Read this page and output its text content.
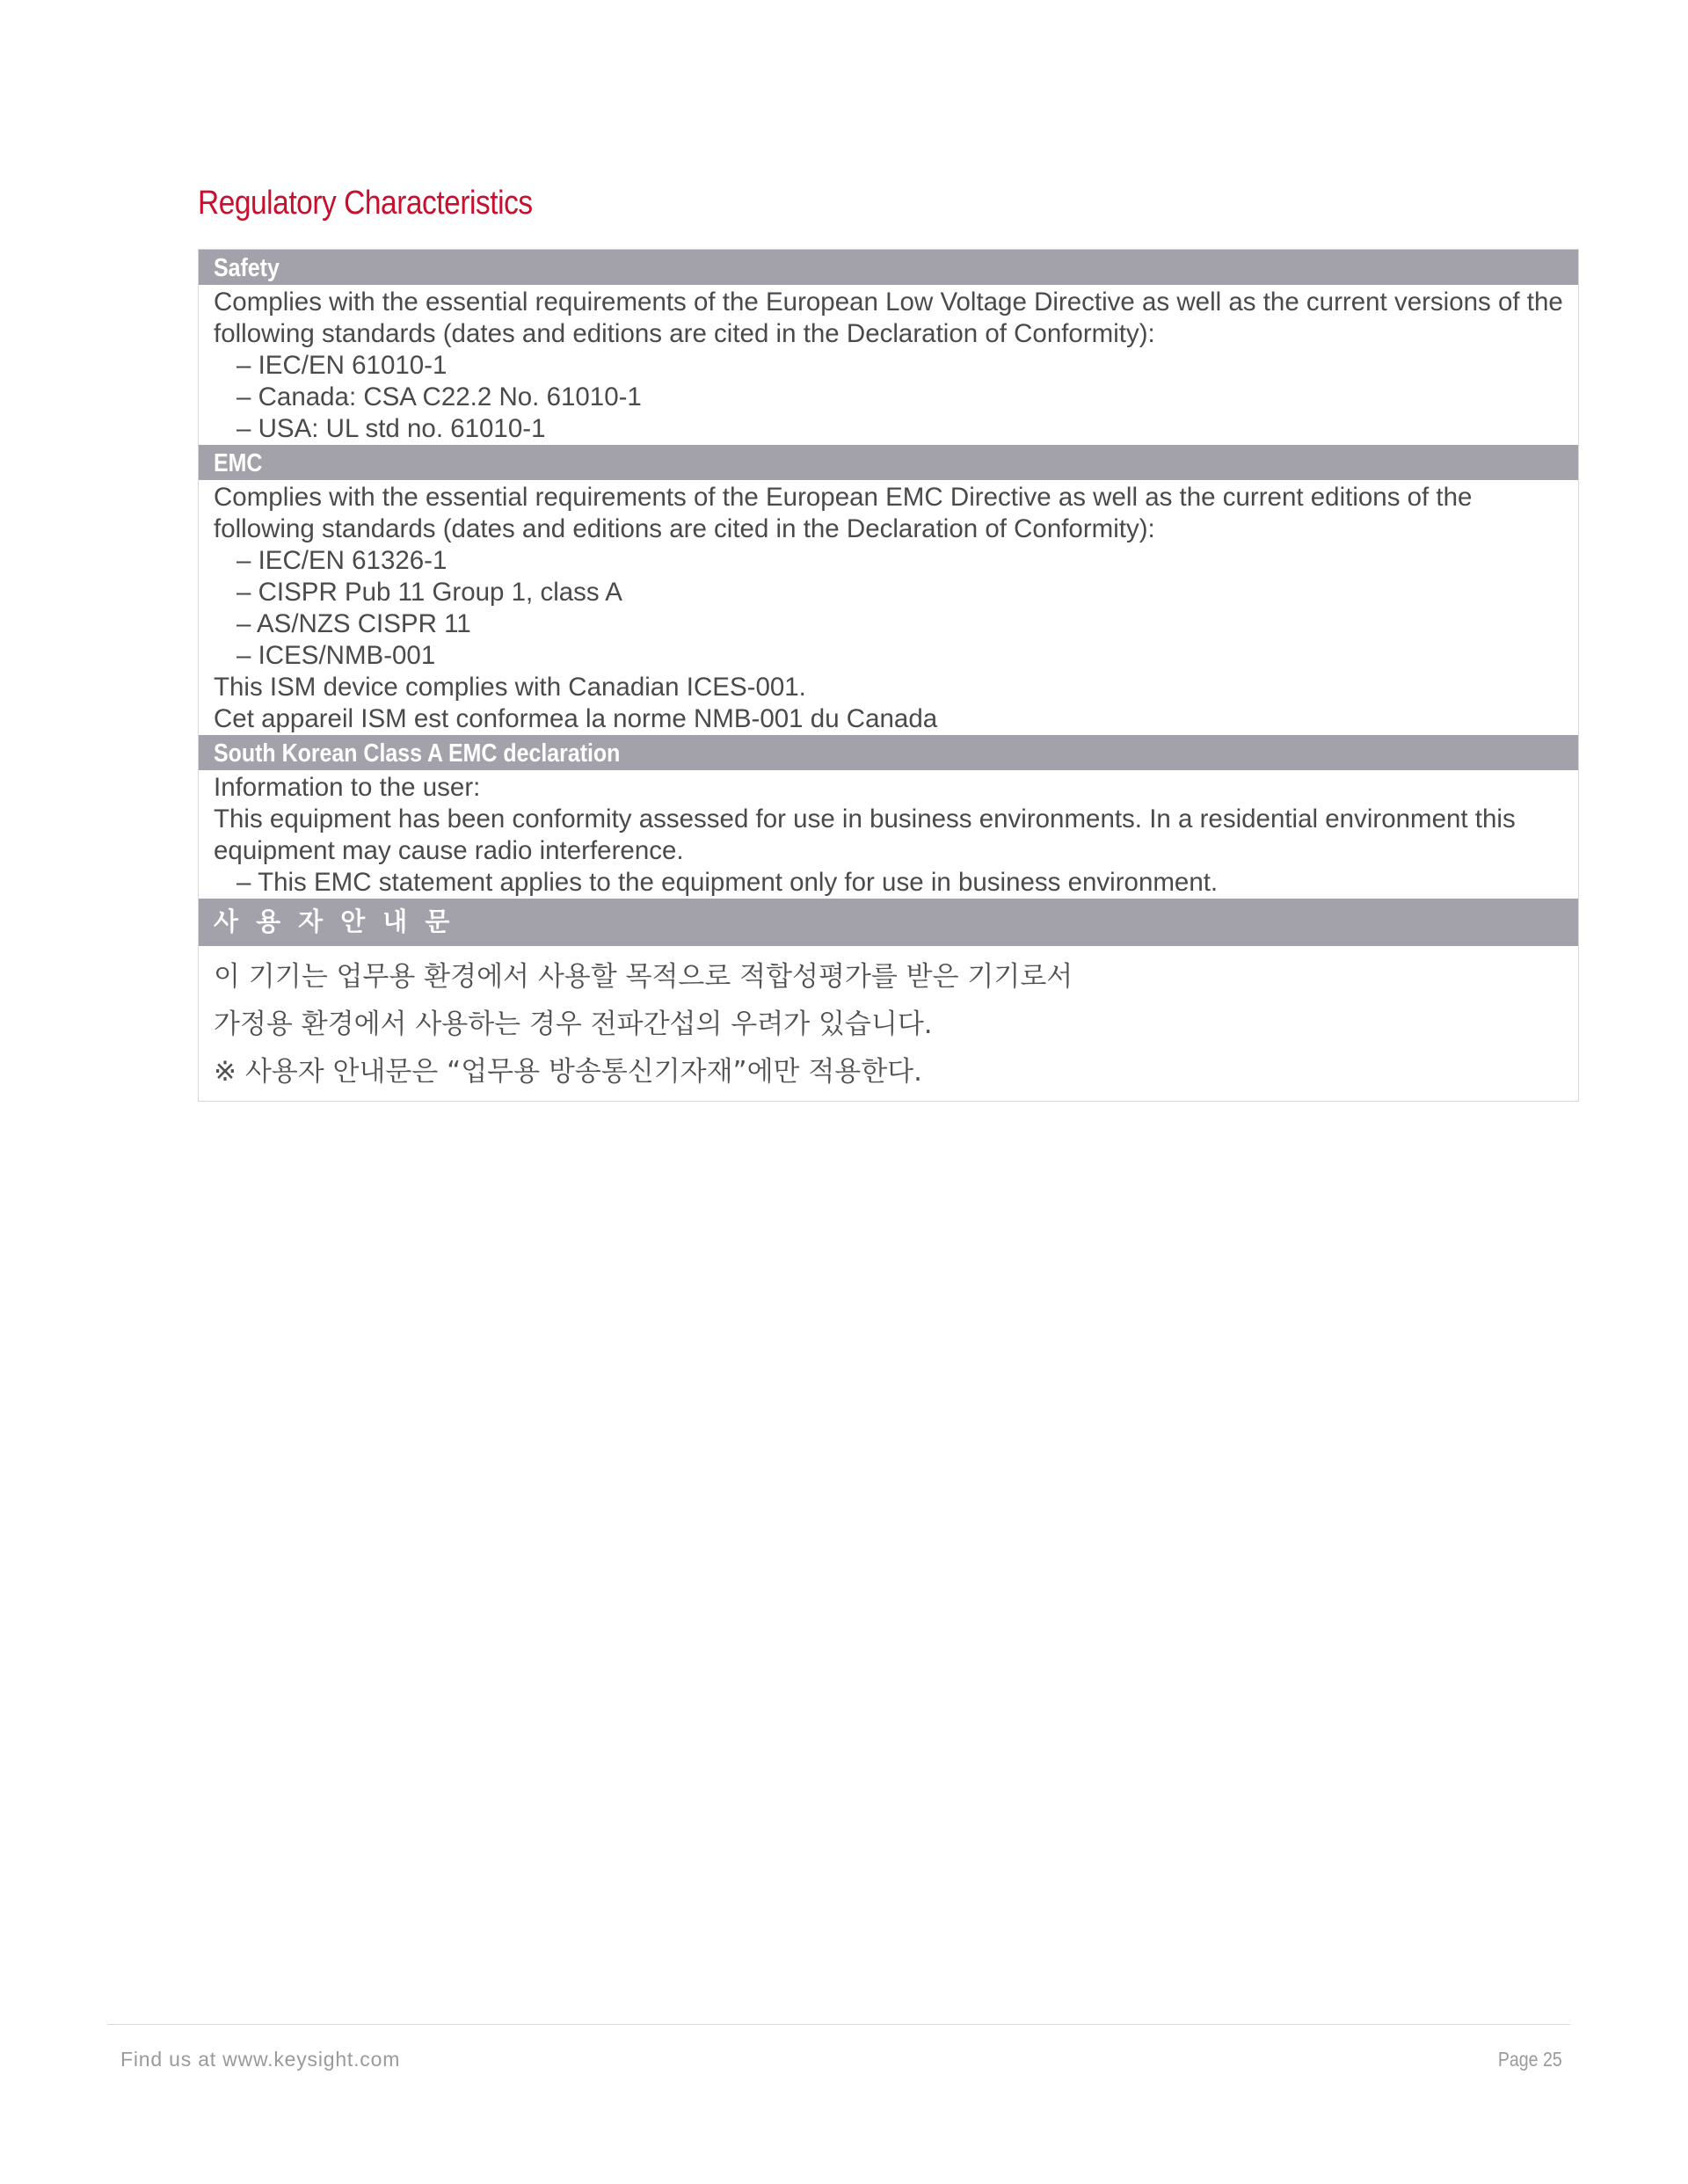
Regulatory Characteristics
Safety
Complies with the essential requirements of the European Low Voltage Directive as well as the current versions of the following standards (dates and editions are cited in the Declaration of Conformity):
– IEC/EN 61010-1
– Canada: CSA C22.2 No. 61010-1
– USA: UL std no. 61010-1
EMC
Complies with the essential requirements of the European EMC Directive as well as the current editions of the following standards (dates and editions are cited in the Declaration of Conformity):
– IEC/EN 61326-1
– CISPR Pub 11 Group 1, class A
– AS/NZS CISPR 11
– ICES/NMB-001
This ISM device complies with Canadian ICES-001.
Cet appareil ISM est conformea la norme NMB-001 du Canada
South Korean Class A EMC declaration
Information to the user:
This equipment has been conformity assessed for use in business environments. In a residential environment this equipment may cause radio interference.
– This EMC statement applies to the equipment only for use in business environment.
사 용 자 안 내 문
이 기기는 업무용 환경에서 사용할 목적으로 적합성평가를 받은 기기로서
가정용 환경에서 사용하는 경우 전파간섭의 우려가 있습니다.
※ 사용자 안내문은 “업무용 방송통신기자재”에만 적용한다.
Find us at www.keysight.com	Page 25
